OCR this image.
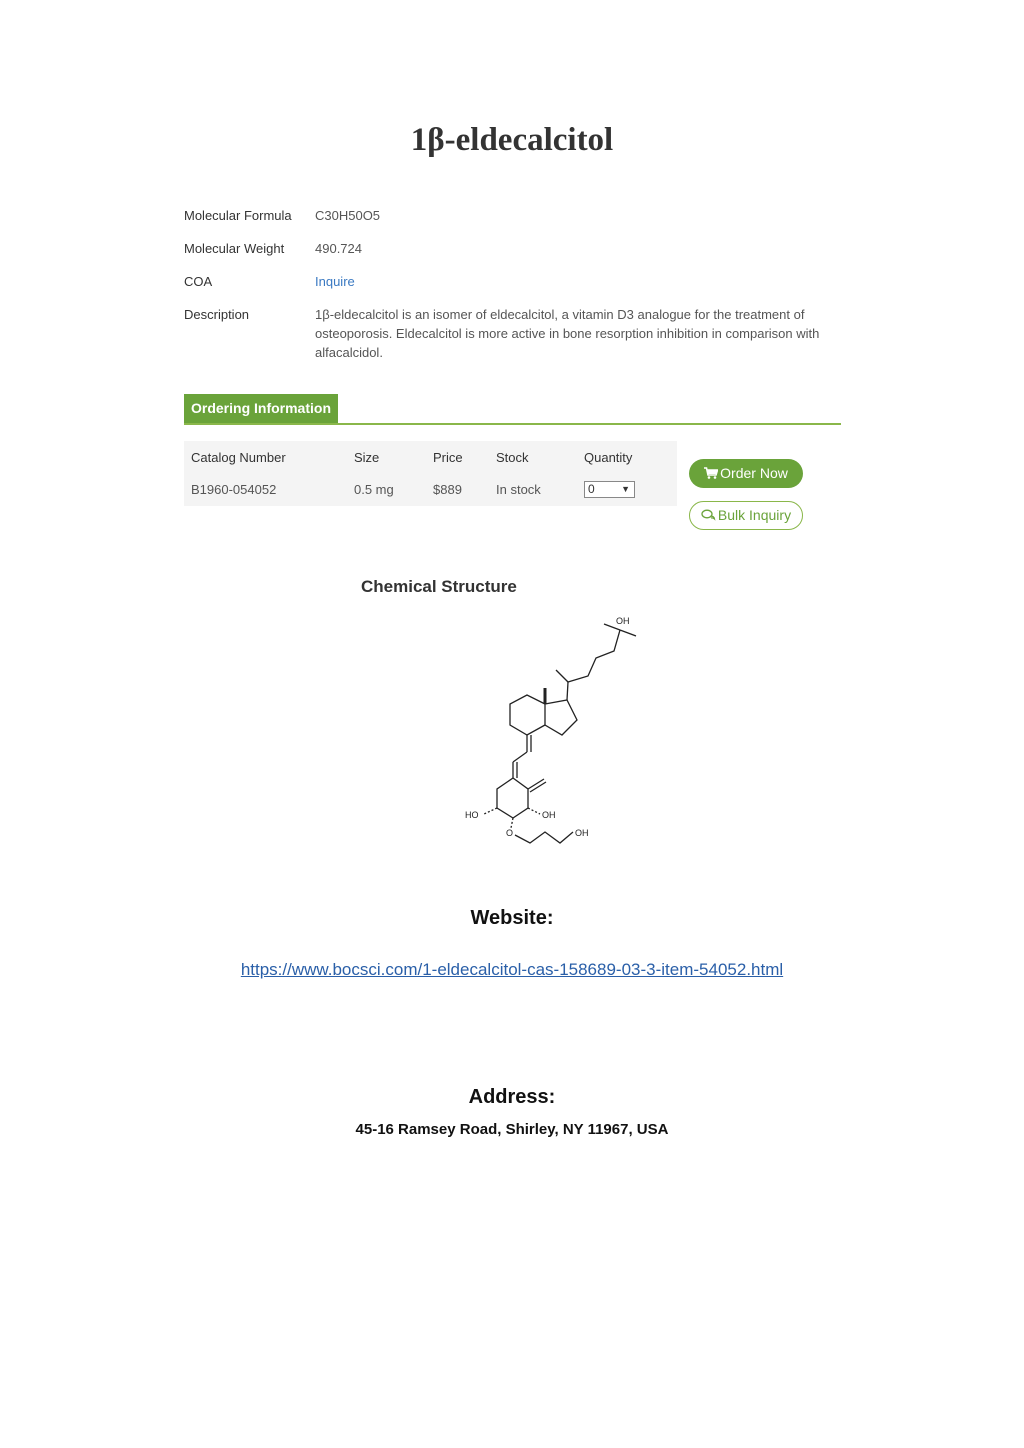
1β-eldecalcitol
Molecular Formula	C30H50O5
Molecular Weight	490.724
COA	Inquire
Description	1β-eldecalcitol is an isomer of eldecalcitol, a vitamin D3 analogue for the treatment of osteoporosis. Eldecalcitol is more active in bone resorption inhibition in comparison with alfacalcidol.
Ordering Information
Catalog Number	Size	Price	Stock	Quantity
B1960-054052	0.5 mg	$889	In stock	0	▼
Order Now
Bulk Inquiry
Chemical Structure
OH
HO	OH
O	OH
Website:
https://www.bocsci.com/1-eldecalcitol-cas-158689-03-3-item-54052.html
Address:
45-16 Ramsey Road, Shirley, NY 11967, USA
